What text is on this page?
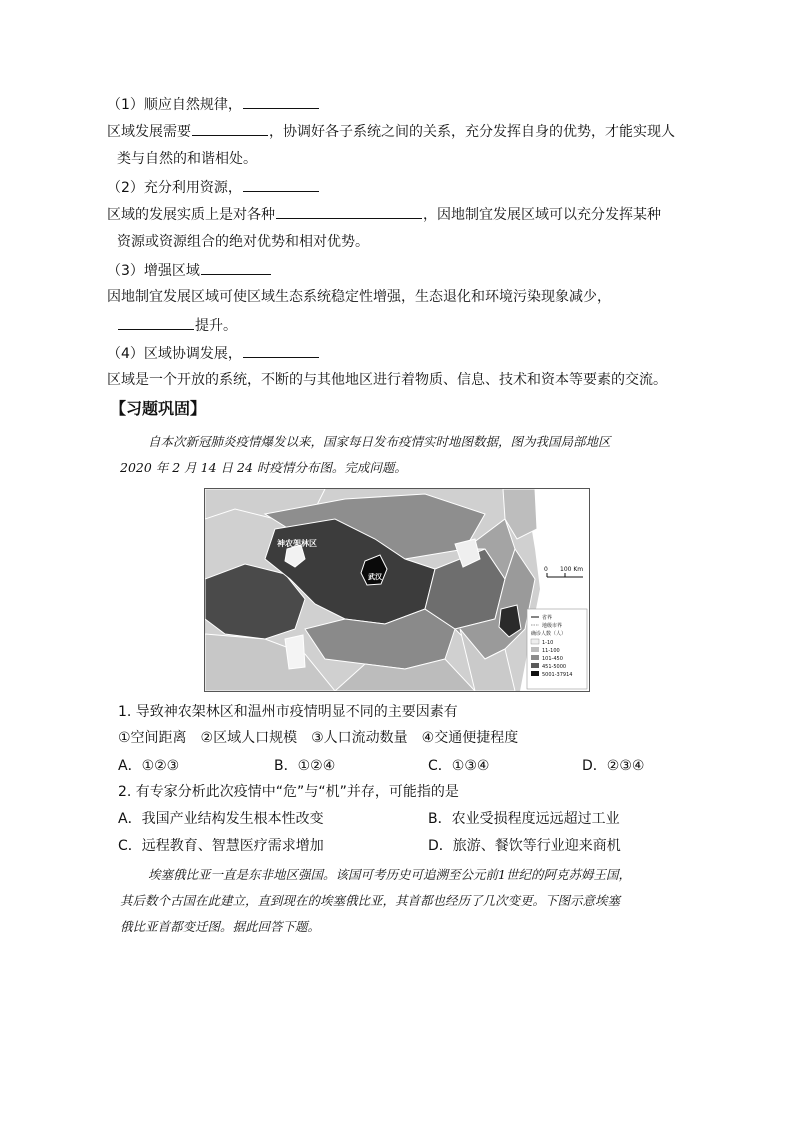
（1）顺应自然规律，
区域发展需要	，协调好各子系统之间的关系，充分发挥自身的优势，才能实现人
类与自然的和谐相处。
（2）充分利用资源，
区域的发展实质上是对各种	，因地制宜发展区域可以充分发挥某种
资源或资源组合的绝对优势和相对优势。
（3）增强区域
因地制宜发展区域可使区域生态系统稳定性增强，生态退化和环境污染现象减少，
提升。
（4）区域协调发展，
区域是一个开放的系统，不断的与其他地区进行着物质、信息、技术和资本等要素的交流。
【习题巩固】
自本次新冠肺炎疫情爆发以来，国家每日发布疫情实时地图数据，图为我国局部地区
2020 年 2 月 14 日 24 时疫情分布图。完成问题。
神农架林区
武汉
0 100 Km
省界
地级市界
确诊人数（人）
1-10
11-100
101-450
451-5000
5001-37914
1. 导致神农架林区和温州市疫情明显不同的主要因素有
①空间距离　②区域人口规模　③人口流动数量　④交通便捷程度
A．①②③	B．①②④	C．①③④	D．②③④
2. 有专家分析此次疫情中“危”与“机”并存，可能指的是
A．我国产业结构发生根本性改变	B．农业受损程度远远超过工业
C．远程教育、智慧医疗需求增加	D．旅游、餐饮等行业迎来商机
埃塞俄比亚一直是东非地区强国。该国可考历史可追溯至公元前1世纪的阿克苏姆王国，
其后数个古国在此建立，直到现在的埃塞俄比亚，其首都也经历了几次变更。下图示意埃塞
俄比亚首都变迁图。据此回答下题。
